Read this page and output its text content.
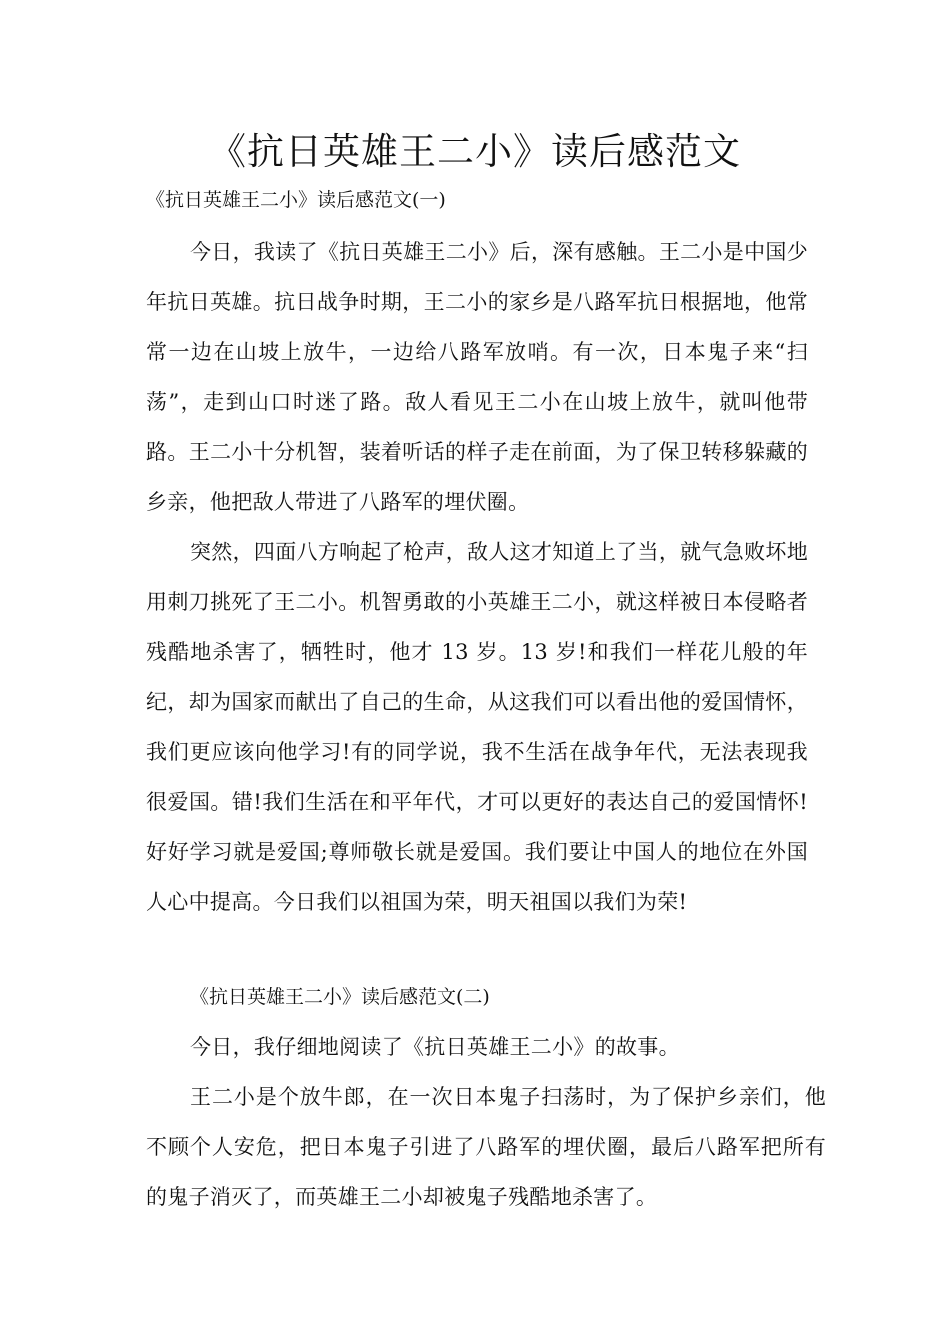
《抗日英雄王二小》读后感范文

《抗日英雄王二小》读后感范文(一)

今日，我读了《抗日英雄王二小》后，深有感触。王二小是中国少年抗日英雄。抗日战争时期，王二小的家乡是八路军抗日根据地，他常常一边在山坡上放牛，一边给八路军放哨。有一次，日本鬼子来“扫荡”，走到山口时迷了路。敌人看见王二小在山坡上放牛，就叫他带路。王二小十分机智，装着听话的样子走在前面，为了保卫转移躲藏的乡亲，他把敌人带进了八路军的埋伏圈。

突然，四面八方响起了枪声，敌人这才知道上了当，就气急败坏地用刺刀挑死了王二小。机智勇敢的小英雄王二小，就这样被日本侵略者残酷地杀害了，牺牲时，他才 13 岁。13 岁!和我们一样花儿般的年纪，却为国家而献出了自己的生命，从这我们可以看出他的爱国情怀，我们更应该向他学习!有的同学说，我不生活在战争年代，无法表现我很爱国。错!我们生活在和平年代，才可以更好的表达自己的爱国情怀!好好学习就是爱国;尊师敬长就是爱国。我们要让中国人的地位在外国人心中提高。今日我们以祖国为荣，明天祖国以我们为荣!

《抗日英雄王二小》读后感范文(二)

今日，我仔细地阅读了《抗日英雄王二小》的故事。

王二小是个放牛郎，在一次日本鬼子扫荡时，为了保护乡亲们，他不顾个人安危，把日本鬼子引进了八路军的埋伏圈，最后八路军把所有的鬼子消灭了，而英雄王二小却被鬼子残酷地杀害了。
